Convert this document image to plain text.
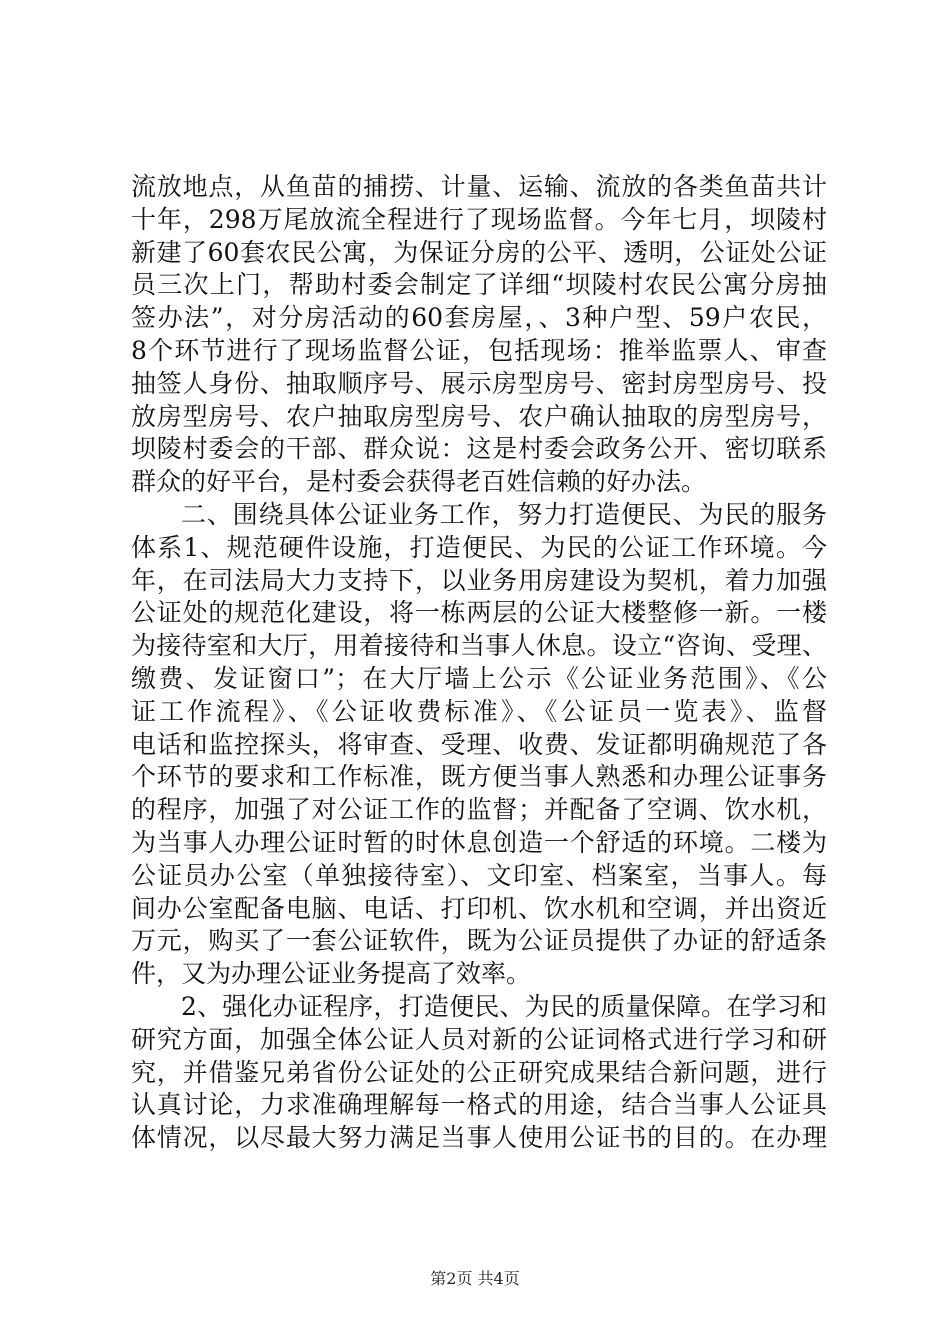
流放地点，从鱼苗的捕捞、计量、运输、流放的各类鱼苗共计
十年，298万尾放流全程进行了现场监督。今年七月，坝陵村
新建了60套农民公寓，为保证分房的公平、透明，公证处公证
员三次上门，帮助村委会制定了详细“坝陵村农民公寓分房抽
签办法”，对分房活动的60套房屋，、3种户型、59户农民，
8个环节进行了现场监督公证，包括现场：推举监票人、审查
抽签人身份、抽取顺序号、展示房型房号、密封房型房号、投
放房型房号、农户抽取房型房号、农户确认抽取的房型房号，
坝陵村委会的干部、群众说：这是村委会政务公开、密切联系
群众的好平台，是村委会获得老百姓信赖的好办法。
二、围绕具体公证业务工作，努力打造便民、为民的服务
体系1、规范硬件设施，打造便民、为民的公证工作环境。今
年，在司法局大力支持下，以业务用房建设为契机，着力加强
公证处的规范化建设，将一栋两层的公证大楼整修一新。一楼
为接待室和大厅，用着接待和当事人休息。设立“咨询、受理、
缴费、发证窗口”；在大厅墙上公示《公证业务范围》、《公
证工作流程》、《公证收费标准》、《公证员一览表》、监督
电话和监控探头，将审查、受理、收费、发证都明确规范了各
个环节的要求和工作标准，既方便当事人熟悉和办理公证事务
的程序，加强了对公证工作的监督；并配备了空调、饮水机，
为当事人办理公证时暂的时休息创造一个舒适的环境。二楼为
公证员办公室（单独接待室）、文印室、档案室，当事人。每
间办公室配备电脑、电话、打印机、饮水机和空调，并出资近
万元，购买了一套公证软件，既为公证员提供了办证的舒适条
件，又为办理公证业务提高了效率。
2、强化办证程序，打造便民、为民的质量保障。在学习和
研究方面，加强全体公证人员对新的公证词格式进行学习和研
究，并借鉴兄弟省份公证处的公正研究成果结合新问题，进行
认真讨论，力求准确理解每一格式的用途，结合当事人公证具
体情况，以尽最大努力满足当事人使用公证书的目的。在办理
第2页 共4页
